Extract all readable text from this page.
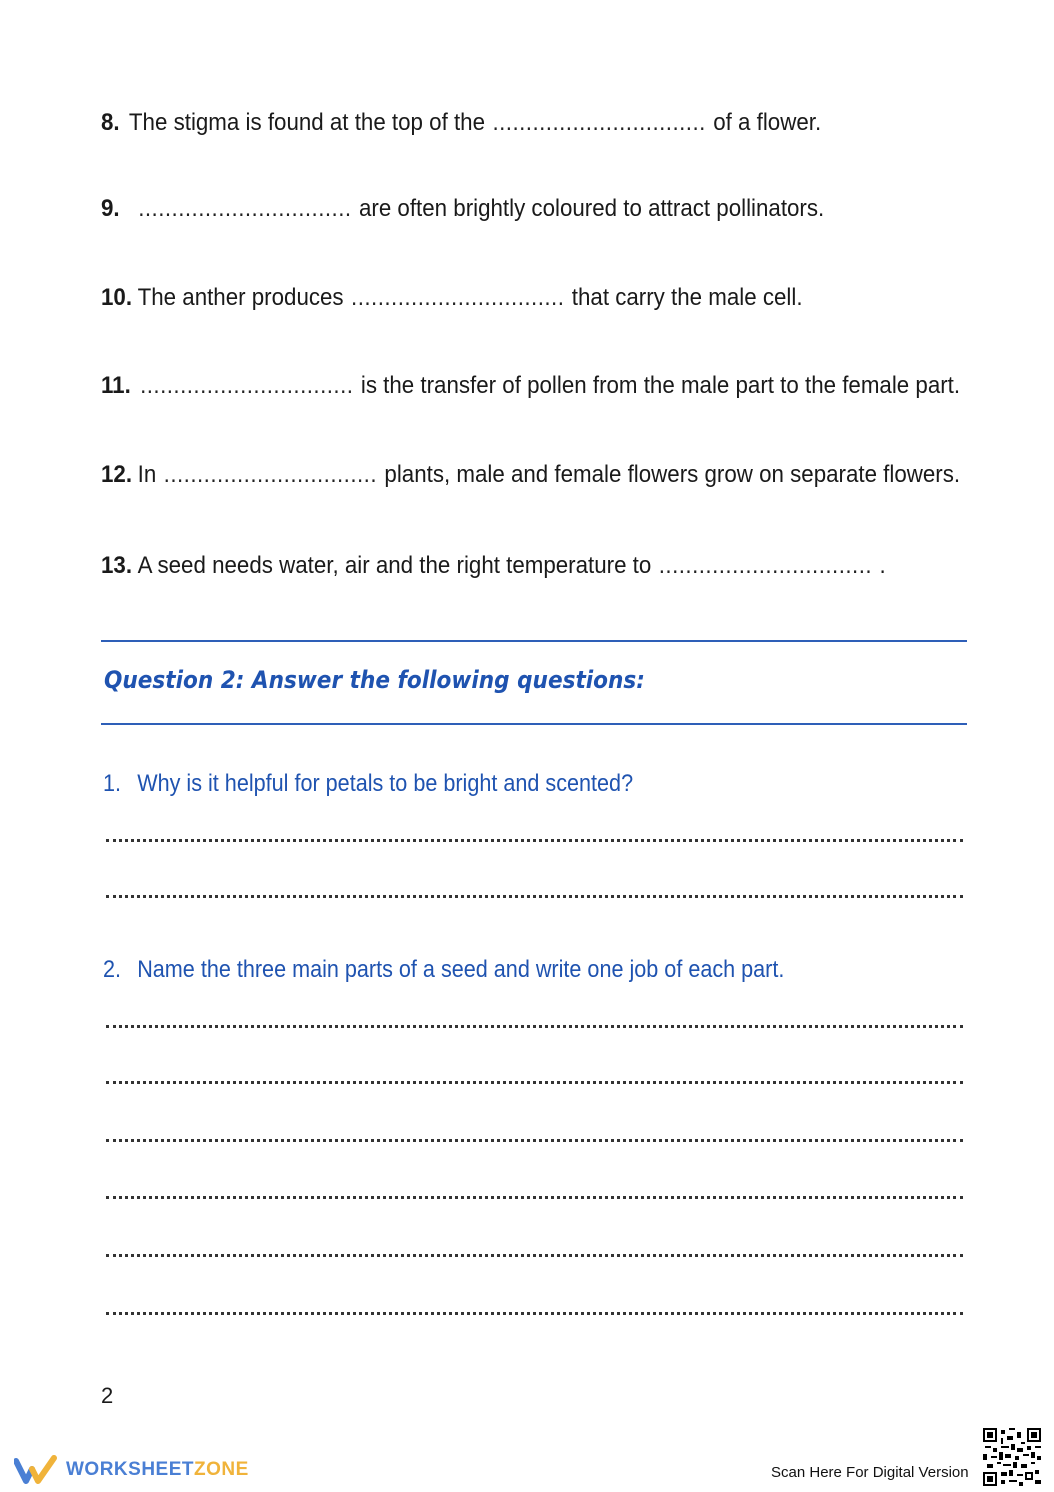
8. The stigma is found at the top of the ................................ of a flower.
9. ................................ are often brightly coloured to attract pollinators.
10. The anther produces ................................ that carry the male cell.
11. ................................ is the transfer of pollen from the male part to the female part.
12. In ................................ plants, male and female flowers grow on separate flowers.
13. A seed needs water, air and the right temperature to ................................ .
Question 2: Answer the following questions:
1. Why is it helpful for petals to be bright and scented?
2. Name the three main parts of a seed and write one job of each part.
2
WORKSHEETZONE	Scan Here For Digital Version
